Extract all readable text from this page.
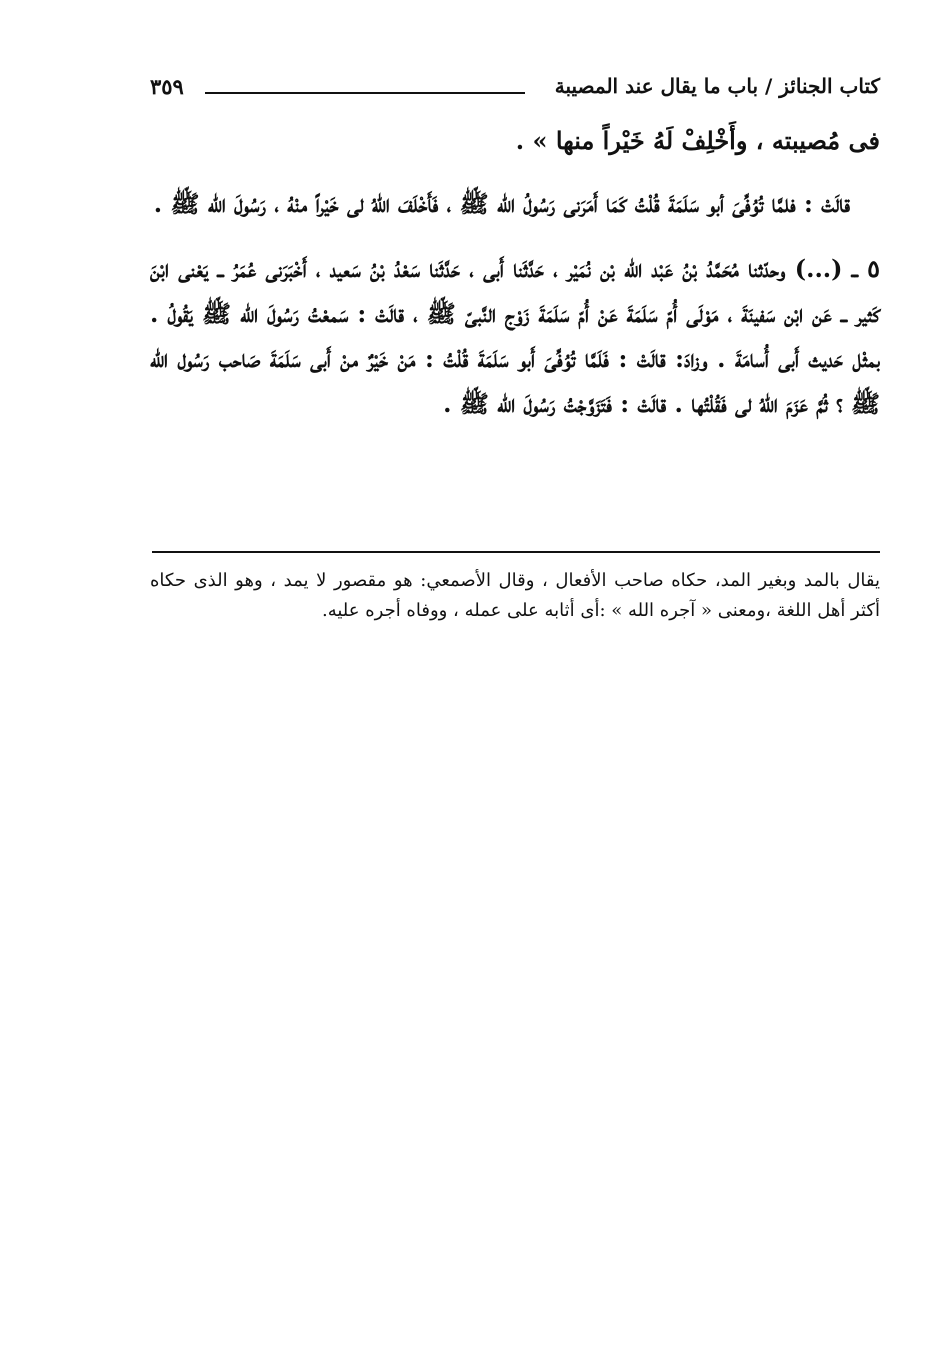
كتاب الجنائز / باب ما يقال عند المصيبة
٣٥٩

فى مُصيبته ، وأَخْلِفْ لَهُ خَيْراً منها » .

قالَتْ : فلمَّا تُوُفِّىَ أبو سَلَمَةَ قُلْتُ كَمَا أَمَرَنى رَسُولُ الله ﷺ ، فَأَخْلَفَ اللهُ لى خَيْراً منْهُ ، رَسُولَ الله ﷺ .

٥ ــ (...) وحدّثنا مُحَمَّدُ بْنُ عَبْد الله بْن نُمَيْر ، حَدَّثَنا أَبى ، حَدَّثَنا سَعْدُ بْنُ سَعيد ، أَخْبَرَنى عُمَرُ ــ يَعْنى ابْنَ كَثير ــ عَن ابْن سَفينَةَ ، مَوْلَى أُمّ سَلَمَةَ عَنْ أُمّ سَلَمَةَ زَوْج النَّبىّ ﷺ ، قالَتْ : سَمعْتُ رَسُولَ الله ﷺ يَقُولُ . بمثْل حَديث أَبى أُسامَةَ . وزادَ: قالَتْ : فَلَمَّا تُوُفِّىَ أَبو سَلَمَةَ قُلْتُ : مَنْ خَيْرٌ منْ أَبى سَلَمَةَ صَاحب رَسُول الله ﷺ ؟ ثُمَّ عَزَمَ اللهُ لى فَقُلْتُها . قالَتْ : فَتَزَوَّجْتُ رَسُولَ الله ﷺ .

يقال بالمد وبغير المد، حكاه صاحب الأفعال ، وقال الأصمعي: هو مقصور لا يمد ، وهو الذى حكاه أكثر أهل اللغة ،ومعنى « آجره الله » :أى أثابه على عمله ، ووفاه أجره عليه.
